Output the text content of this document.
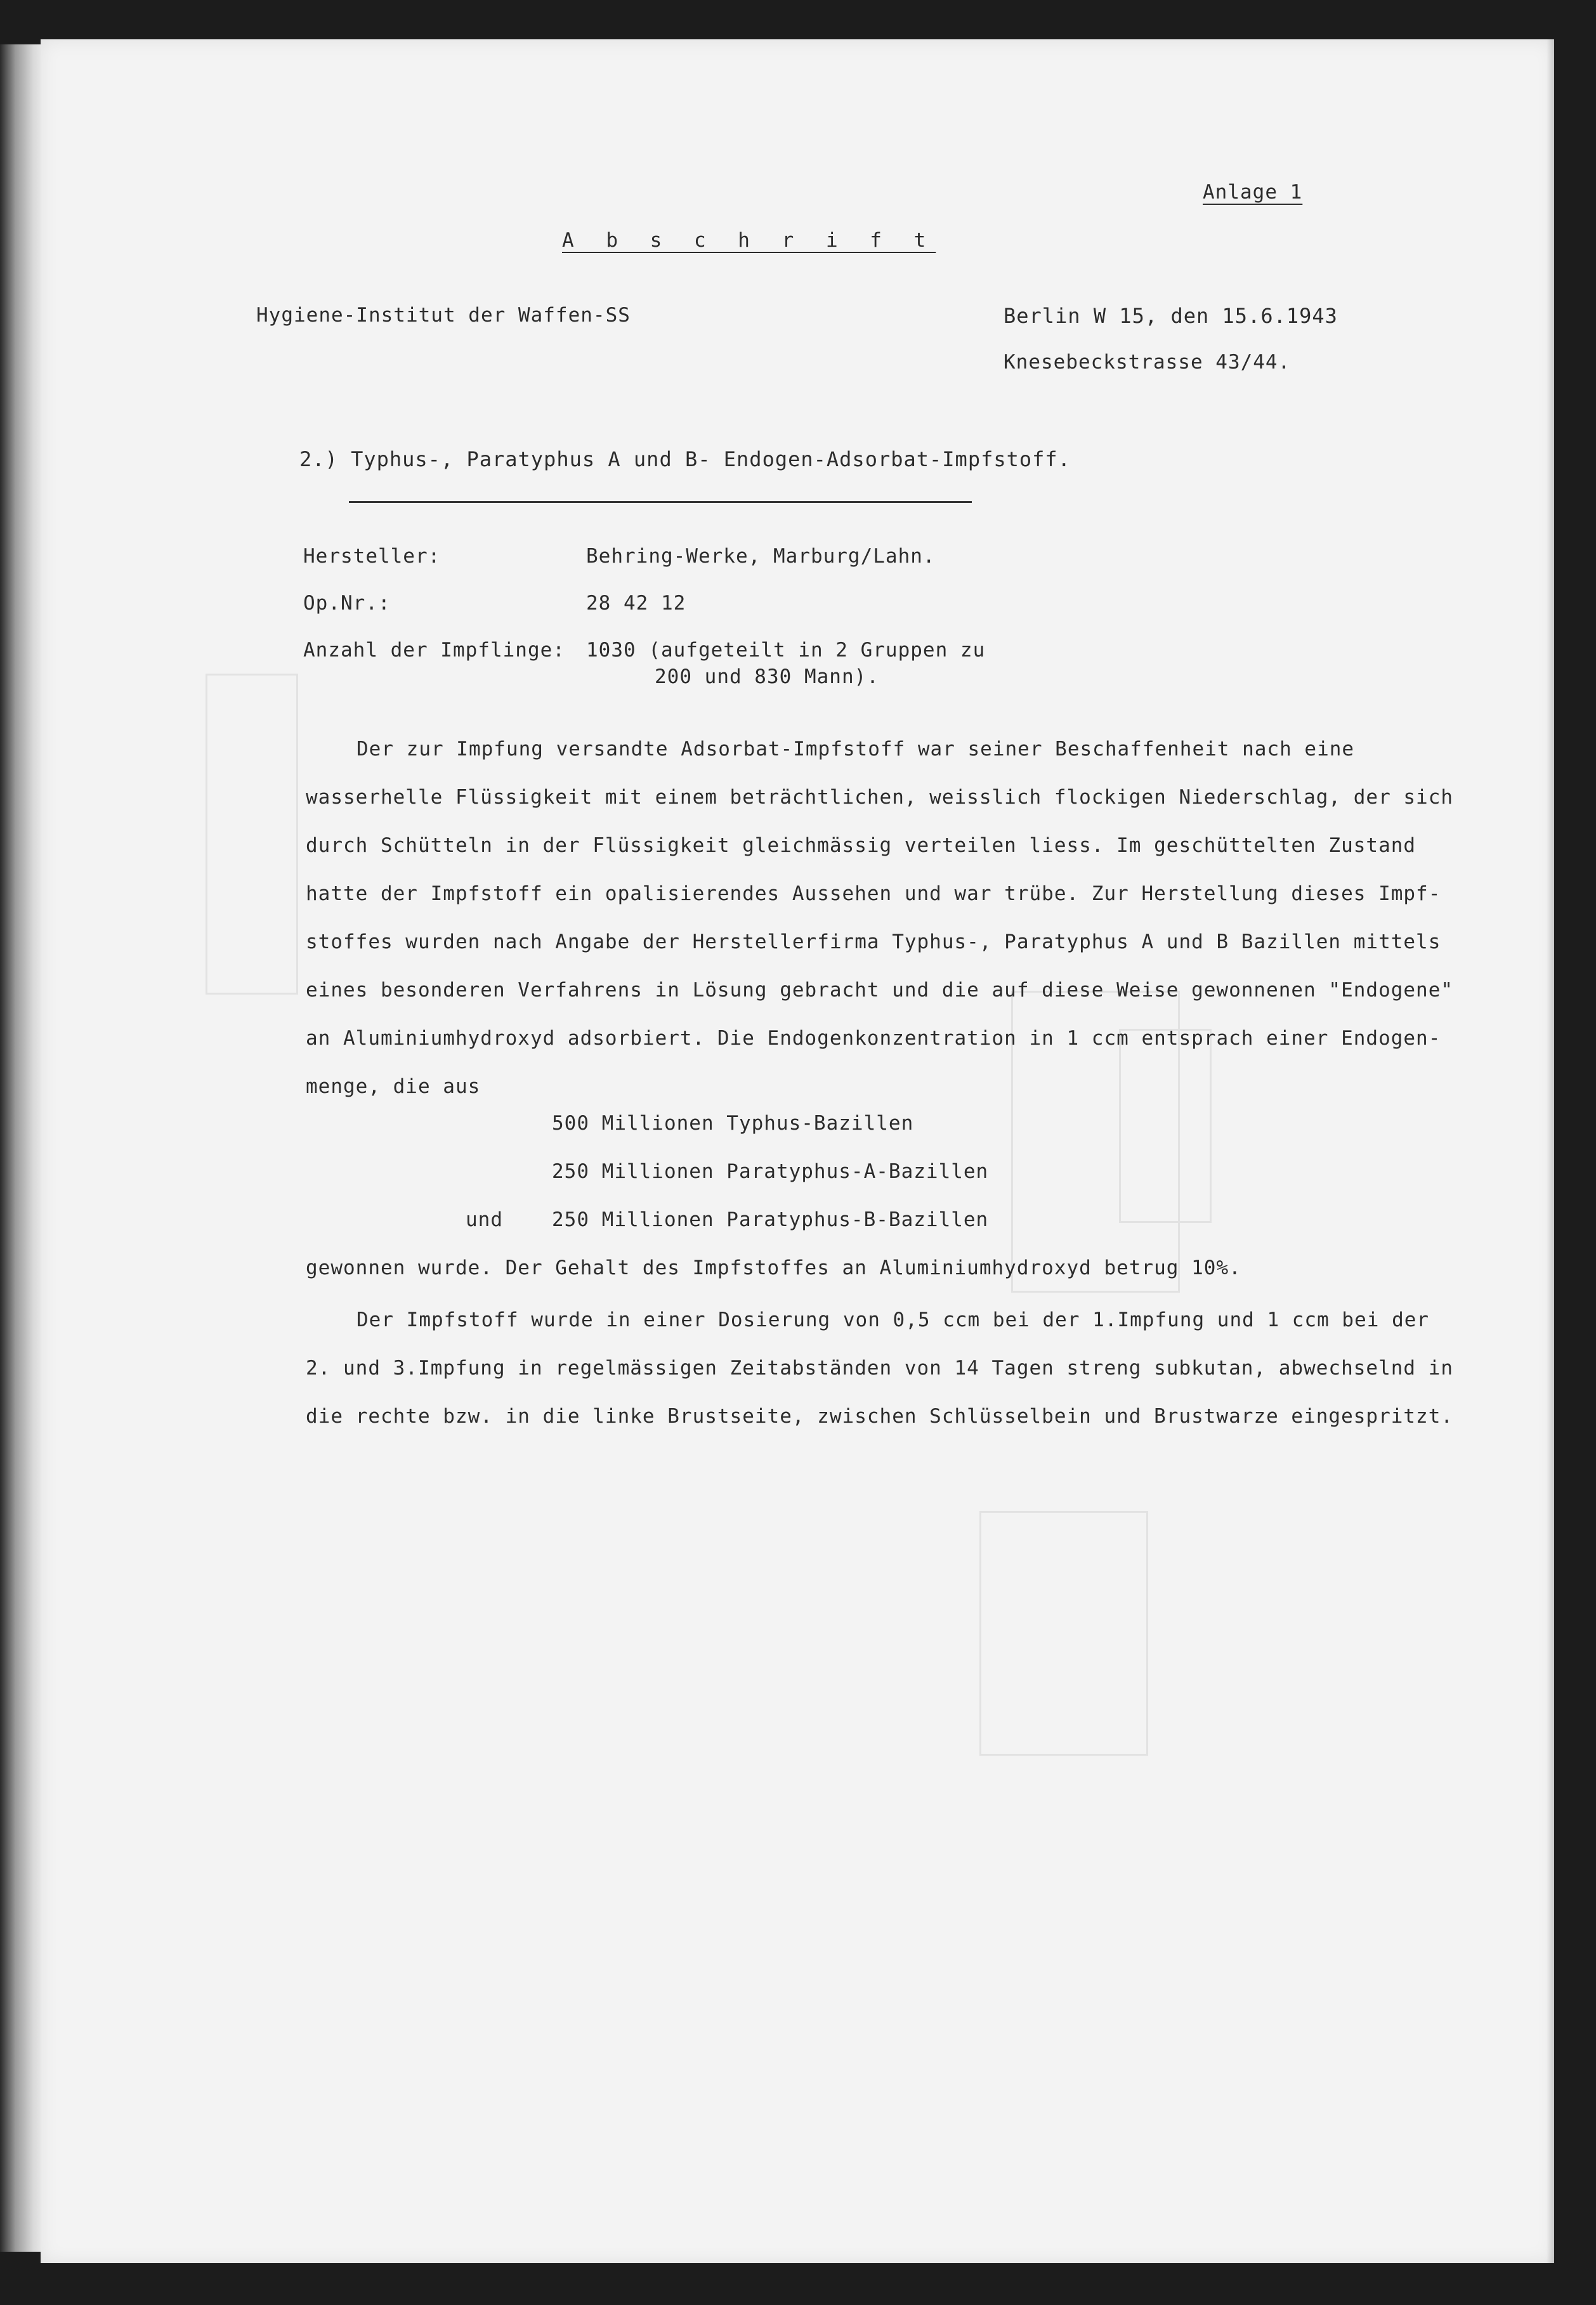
Anlage 1
A b s c h r i f t
Hygiene-Institut der Waffen-SS	Berlin W 15, den 15.6.1943
Knesebeckstrasse 43/44.
2.) Typhus-, Paratyphus A und B- Endogen-Adsorbat-Impfstoff.
Hersteller:	Behring-Werke, Marburg/Lahn.
Op.Nr.:	28 42 12
Anzahl der Impflinge: 1030 (aufgeteilt in 2 Gruppen zu
200 und 830 Mann).
Der zur Impfung versandte Adsorbat-Impfstoff war seiner Beschaffenheit nach eine
wasserhelle Flüssigkeit mit einem beträchtlichen, weisslich flockigen Niederschlag, der sich
durch Schütteln in der Flüssigkeit gleichmässig verteilen liess. Im geschüttelten Zustand
hatte der Impfstoff ein opalisierendes Aussehen und war trübe. Zur Herstellung dieses Impf-
stoffes wurden nach Angabe der Herstellerfirma Typhus-, Paratyphus A und B Bazillen mittels
eines besonderen Verfahrens in Lösung gebracht und die auf diese Weise gewonnenen "Endogene"
an Aluminiumhydroxyd adsorbiert. Die Endogenkonzentration in 1 ccm entsprach einer Endogen-
menge, die aus
500 Millionen Typhus-Bazillen
250 Millionen Paratyphus-A-Bazillen
und 250 Millionen Paratyphus-B-Bazillen
gewonnen wurde. Der Gehalt des Impfstoffes an Aluminiumhydroxyd betrug 10%.
Der Impfstoff wurde in einer Dosierung von 0,5 ccm bei der 1.Impfung und 1 ccm bei der
2. und 3.Impfung in regelmässigen Zeitabständen von 14 Tagen streng subkutan, abwechselnd in
die rechte bzw. in die linke Brustseite, zwischen Schlüsselbein und Brustwarze eingespritzt.
